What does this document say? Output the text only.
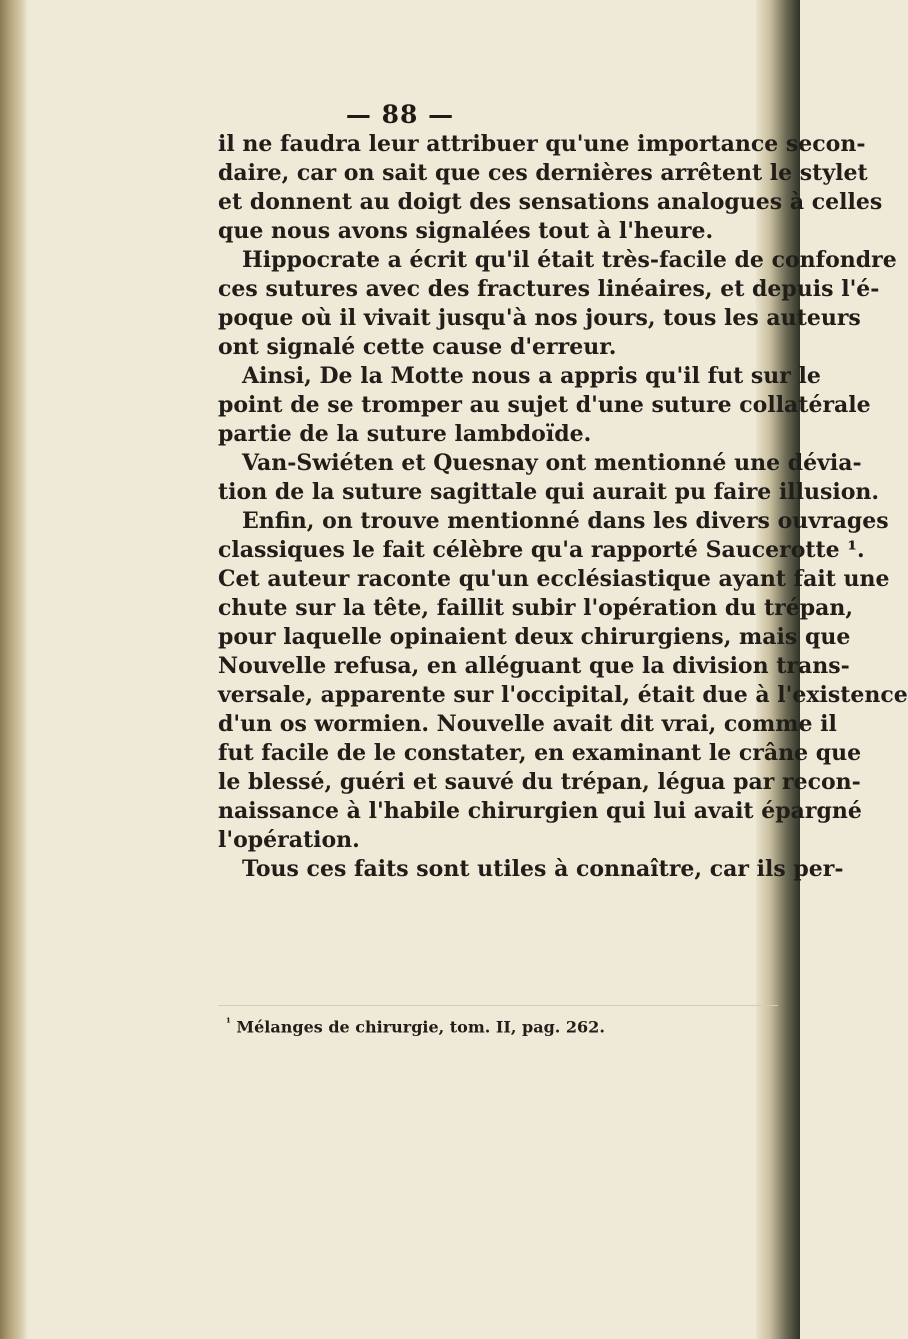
— 88 —
il ne faudra leur attribuer qu'une importance secon-
daire, car on sait que ces dernières arrêtent le stylet
et donnent au doigt des sensations analogues à celles
que nous avons signalées tout à l'heure.
Hippocrate a écrit qu'il était très-facile de confondre
ces sutures avec des fractures linéaires, et depuis l'é-
poque où il vivait jusqu'à nos jours, tous les auteurs
ont signalé cette cause d'erreur.
Ainsi, De la Motte nous a appris qu'il fut sur le
point de se tromper au sujet d'une suture collatérale
partie de la suture lambdoïde.
Van-Swiéten et Quesnay ont mentionné une dévia-
tion de la suture sagittale qui aurait pu faire illusion.
Enfin, on trouve mentionné dans les divers ouvrages
classiques le fait célèbre qu'a rapporté Saucerotte ¹.
Cet auteur raconte qu'un ecclésiastique ayant fait une
chute sur la tête, faillit subir l'opération du trépan,
pour laquelle opinaient deux chirurgiens, mais que
Nouvelle refusa, en alléguant que la division trans-
versale, apparente sur l'occipital, était due à l'existence
d'un os wormien. Nouvelle avait dit vrai, comme il
fut facile de le constater, en examinant le crâne que
le blessé, guéri et sauvé du trépan, légua par recon-
naissance à l'habile chirurgien qui lui avait épargné
l'opération.
Tous ces faits sont utiles à connaître, car ils per-
$^{^1}$ Mélanges de chirurgie, tom. II, pag. 262.
